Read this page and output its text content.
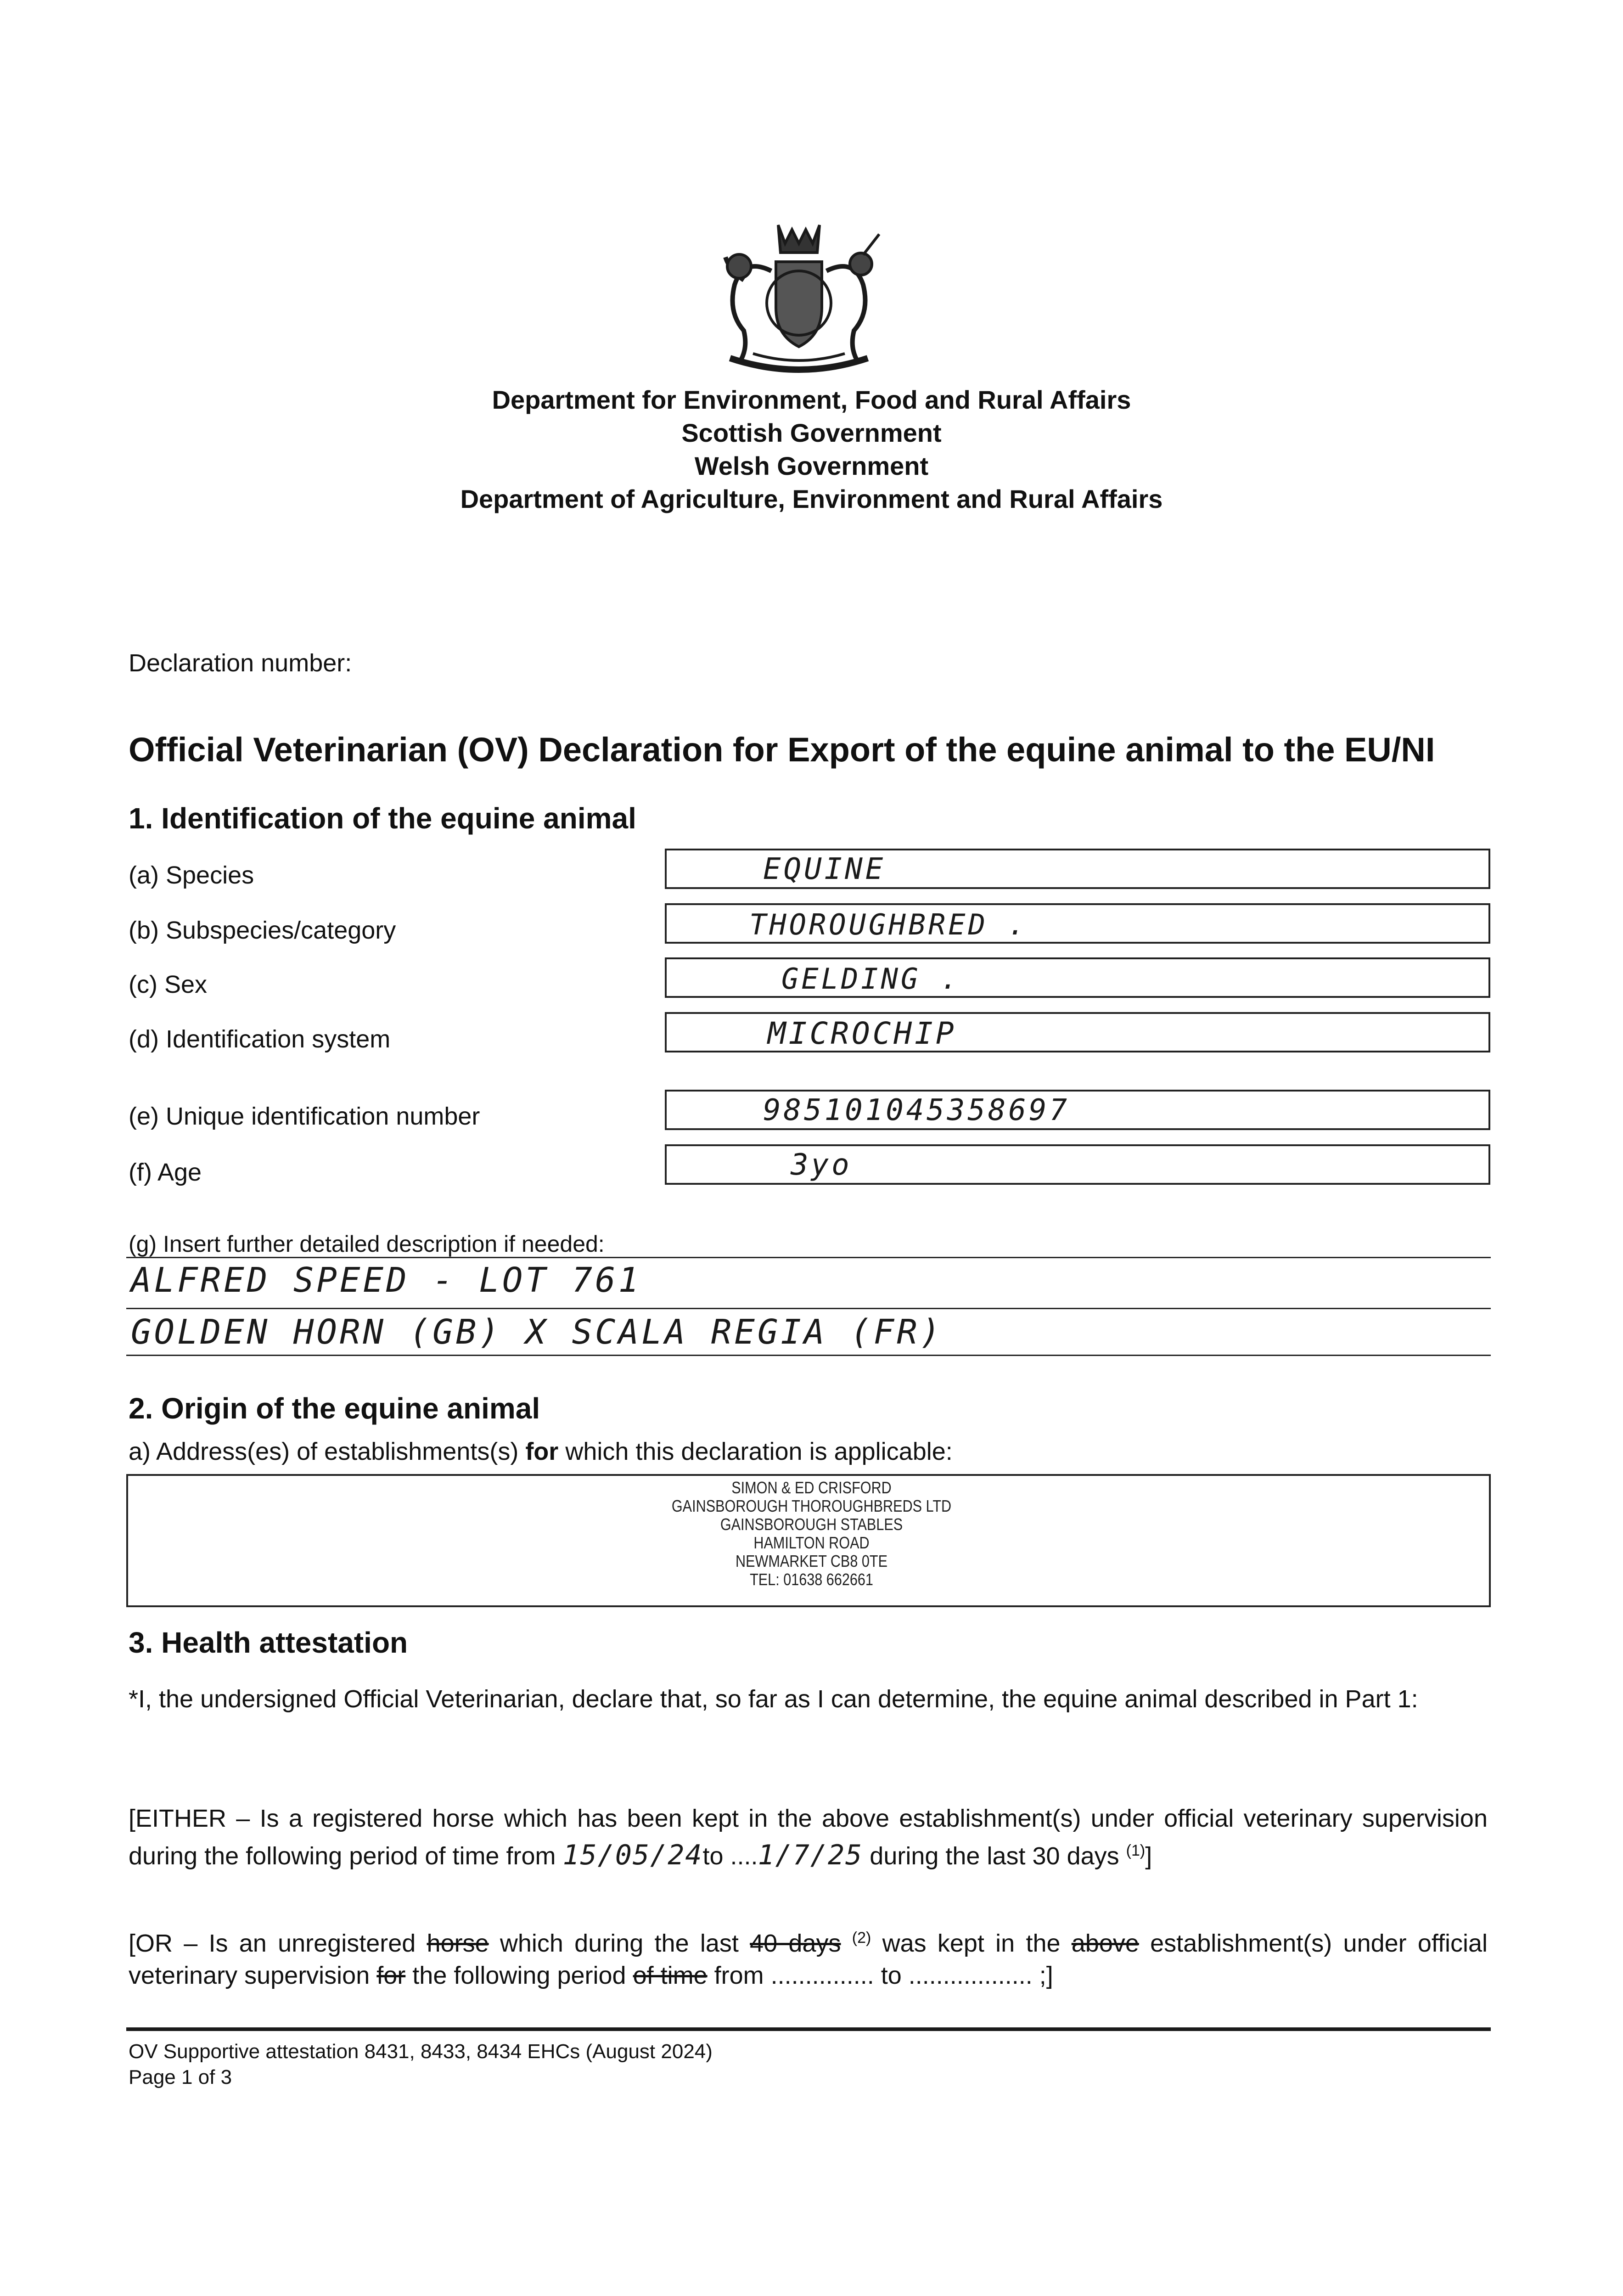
Department for Environment, Food and Rural Affairs
Scottish Government
Welsh Government
Department of Agriculture, Environment and Rural Affairs
Declaration number:
Official Veterinarian (OV) Declaration for Export of the equine animal to the EU/NI
1. Identification of the equine animal
(a) Species	EQUINE
(b) Subspecies/category	THOROUGHBRED .
(c) Sex	GELDING .
(d) Identification system	MICROCHIP
(e) Unique identification number	985101045358697
(f) Age	3yo
(g) Insert further detailed description if needed:
ALFRED SPEED - LOT 761
GOLDEN HORN (GB) X SCALA REGIA (FR)
2. Origin of the equine animal
a) Address(es) of establishments(s) for which this declaration is applicable:
SIMON & ED CRISFORD
GAINSBOROUGH THOROUGHBREDS LTD
GAINSBOROUGH STABLES
HAMILTON ROAD
NEWMARKET CB8 0TE
TEL: 01638 662661
3. Health attestation
*I, the undersigned Official Veterinarian, declare that, so far as I can determine, the equine animal described in Part 1:
[EITHER – Is a registered horse which has been kept in the above establishment(s) under official veterinary supervision during the following period of time from 15/05/24to ....1/7/25 during the last 30 days $^{(1)}$]
[OR – Is an unregistered horse which during the last 40 days $^{(2)}$ was kept in the above establishment(s) under official veterinary supervision for the following period of time from ............... to .................. ;]
OV Supportive attestation 8431, 8433, 8434 EHCs (August 2024)
Page 1 of 3
